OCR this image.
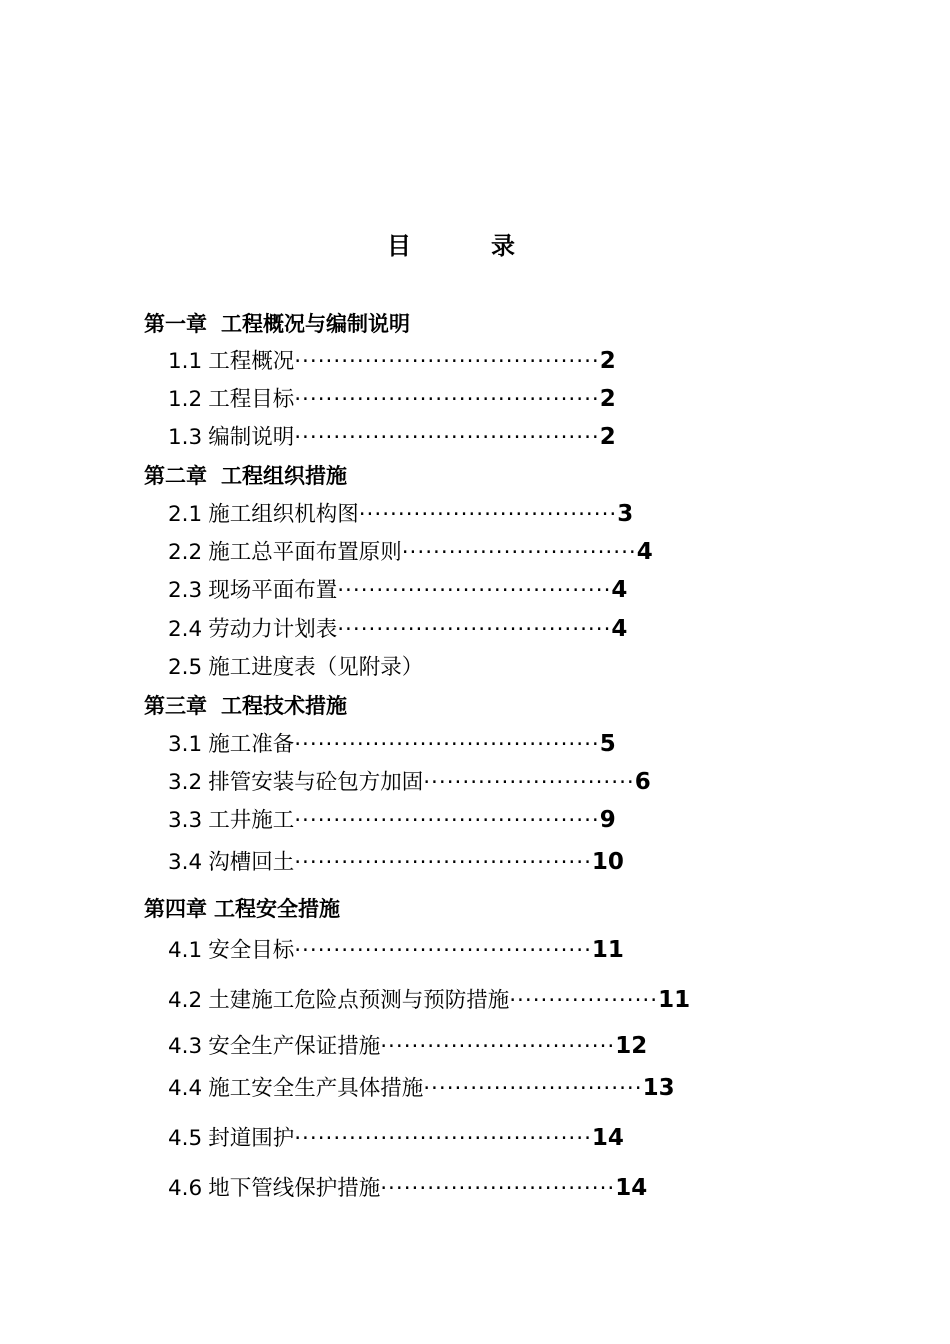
目　录
第一章 工程概况与编制说明
1.1 工程概况·······································2
1.2 工程目标·······································2
1.3 编制说明·······································2
第二章 工程组织措施
2.1 施工组织机构图·································3
2.2 施工总平面布置原则······························4
2.3 现场平面布置···································4
2.4 劳动力计划表···································4
2.5 施工进度表（见附录）
第三章 工程技术措施
3.1 施工准备·······································5
3.2 排管安装与砼包方加固···························6
3.3 工井施工·······································9
3.4 沟槽回土······································10
第四章 工程安全措施
4.1 安全目标······································11
4.2 土建施工危险点预测与预防措施···················11
4.3 安全生产保证措施······························12
4.4 施工安全生产具体措施····························13
4.5 封道围护······································14
4.6 地下管线保护措施······························14
